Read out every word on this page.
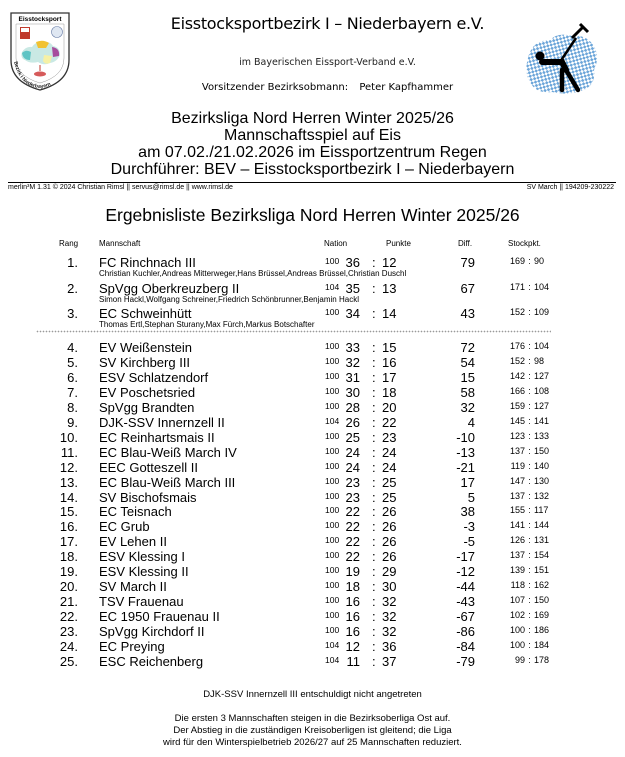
Eisstocksport
Bezirk I Niederbayern
Eisstocksportbezirk I – Niederbayern e.V.
im Bayerischen Eissport-Verband e.V.
Vorsitzender Bezirksobmann: Peter Kapfhammer
Bezirksliga Nord Herren Winter 2025/26
Mannschaftsspiel auf Eis
am 07.02./21.02.2026 im Eissportzentrum Regen
Durchführer: BEV – Eisstocksportbezirk I – Niederbayern
merlin³M 1.31 © 2024 Christian Rimsl || servus@rimsl.de || www.rimsl.de	SV March || 194209-230222
Ergebnisliste Bezirksliga Nord Herren Winter 2025/26
Rang	Mannschaft	Nation	Punkte	Diff.	Stockpkt.
1. FC Rinchnach III	100 36 : 12	79	169 : 90
Christian Kuchler,Andreas Mitterweger,Hans Brüssel,Andreas Brüssel,Christian Duschl
2. SpVgg Oberkreuzberg II	104 35 : 13	67	171 : 104
Simon Hackl,Wolfgang Schreiner,Friedrich Schönbrunner,Benjamin Hackl
3. EC Schweinhütt	100 34 : 14	43	152 : 109
Thomas Ertl,Stephan Sturany,Max Fürch,Markus Botschafter
4. EV Weißenstein	100 33 : 15	72	176 : 104
5. SV Kirchberg III	100 32 : 16	54	152 : 98
6. ESV Schlatzendorf	100 31 : 17	15	142 : 127
7. EV Poschetsried	100 30 : 18	58	166 : 108
8. SpVgg Brandten	100 28 : 20	32	159 : 127
9. DJK-SSV Innernzell II	104 26 : 22	4	145 : 141
10. EC Reinhartsmais II	100 25 : 23	-10	123 : 133
11. EC Blau-Weiß March IV	100 24 : 24	-13	137 : 150
12. EEC Gotteszell II	100 24 : 24	-21	119 : 140
13. EC Blau-Weiß March III	100 23 : 25	17	147 : 130
14. SV Bischofsmais	100 23 : 25	5	137 : 132
15. EC Teisnach	100 22 : 26	38	155 : 117
16. EC Grub	100 22 : 26	-3	141 : 144
17. EV Lehen II	100 22 : 26	-5	126 : 131
18. ESV Klessing I	100 22 : 26	-17	137 : 154
19. ESV Klessing II	100 19 : 29	-12	139 : 151
20. SV March II	100 18 : 30	-44	118 : 162
21. TSV Frauenau	100 16 : 32	-43	107 : 150
22. EC 1950 Frauenau II	100 16 : 32	-67	102 : 169
23. SpVgg Kirchdorf II	100 16 : 32	-86	100 : 186
24. EC Preying	104 12 : 36	-84	100 : 184
25. ESC Reichenberg	104 11 : 37	-79	99 : 178
DJK-SSV Innernzell III entschuldigt nicht angetreten
Die ersten 3 Mannschaften steigen in die Bezirksoberliga Ost auf.
Der Abstieg in die zuständigen Kreisoberligen ist gleitend; die Liga
wird für den Winterspielbetrieb 2026/27 auf 25 Mannschaften reduziert.
